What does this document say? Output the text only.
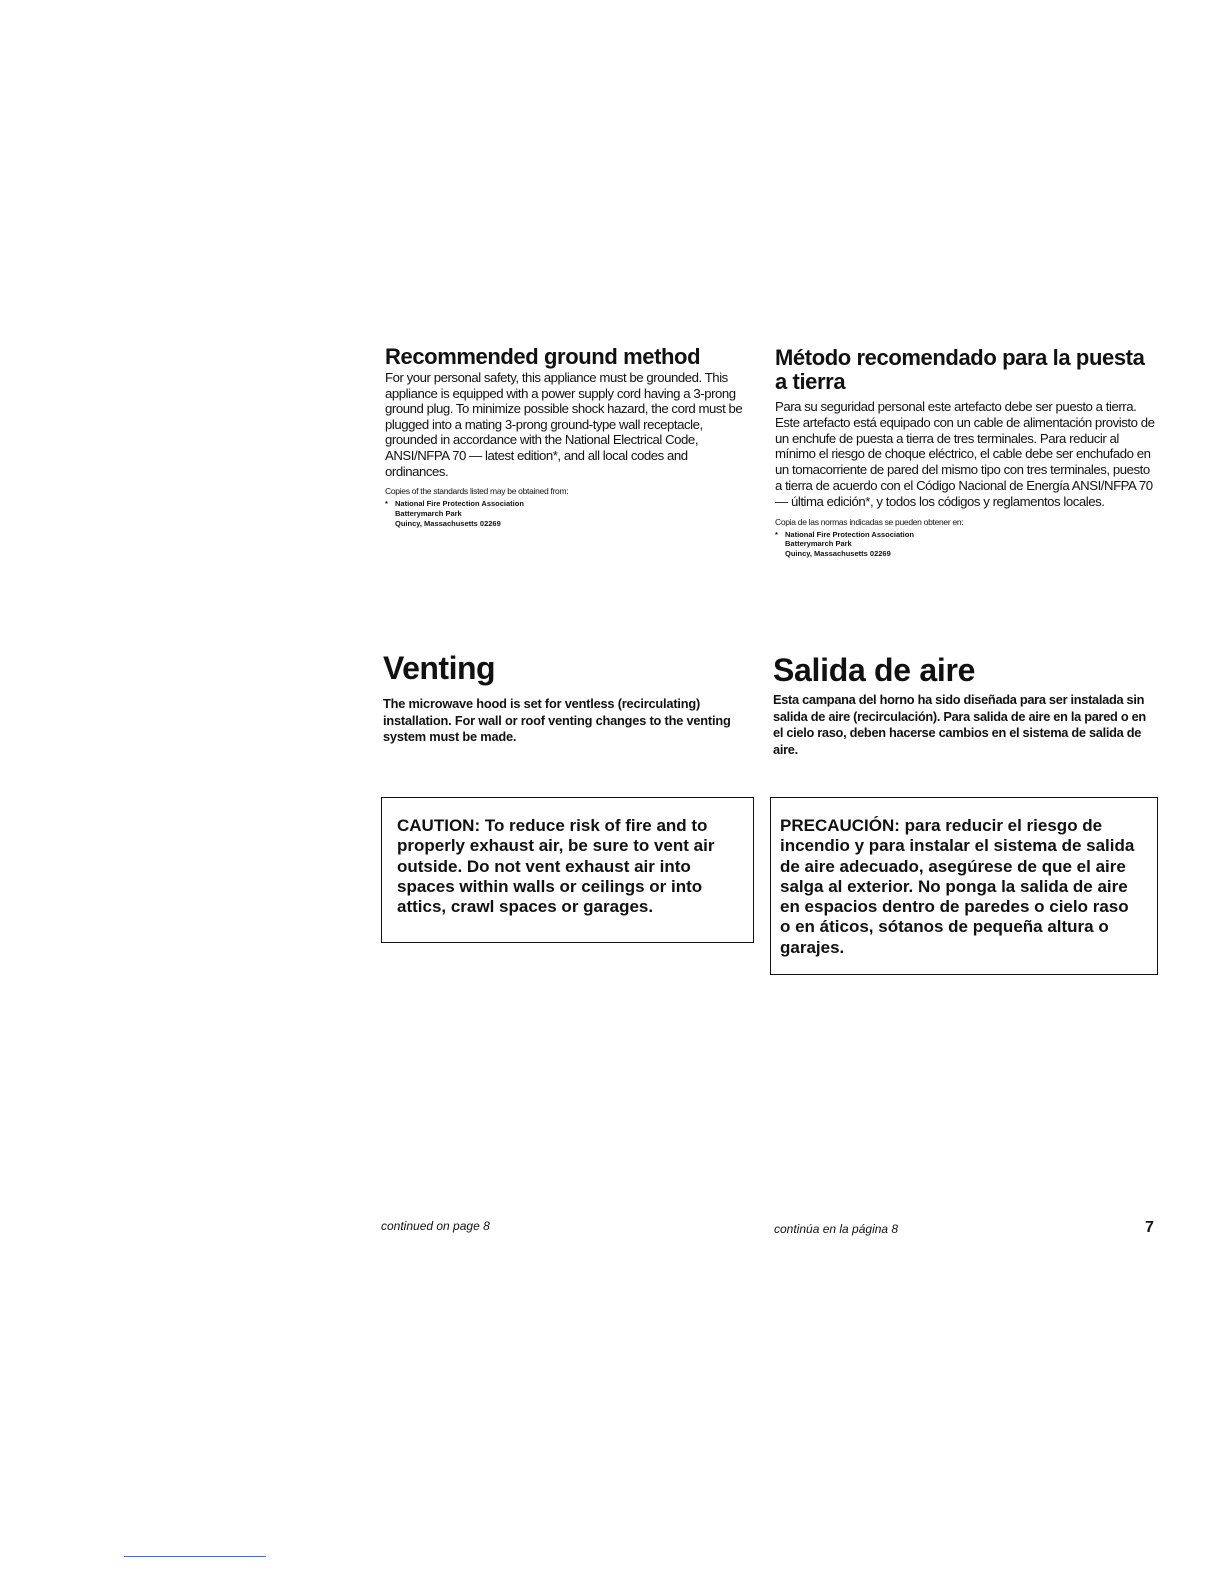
Recommended ground method

For your personal safety, this appliance must be grounded. This appliance is equipped with a power supply cord having a 3-prong ground plug. To minimize possible shock hazard, the cord must be plugged into a mating 3-prong ground-type wall receptacle, grounded in accordance with the National Electrical Code, ANSI/NFPA 70 — latest edition*, and all local codes and ordinances.

Copies of the standards listed may be obtained from:

* National Fire Protection Association
Batterymarch Park
Quincy, Massachusetts 02269
Método recomendado para la puesta a tierra

Para su seguridad personal este artefacto debe ser puesto a tierra. Este artefacto está equipado con un cable de alimentación provisto de un enchufe de puesta a tierra de tres terminales. Para reducir al mínimo el riesgo de choque eléctrico, el cable debe ser enchufado en un tomacorriente de pared del mismo tipo con tres terminales, puesto a tierra de acuerdo con el Código Nacional de Energía ANSI/NFPA 70 — última edición*, y todos los códigos y reglamentos locales.

Copia de las normas indicadas se pueden obtener en:

* National Fire Protection Association
Batterymarch Park
Quincy, Massachusetts 02269
Venting

The microwave hood is set for ventless (recirculating) installation. For wall or roof venting changes to the venting system must be made.

Salida de aire

Esta campana del horno ha sido diseñada para ser instalada sin salida de aire (recirculación). Para salida de aire en la pared o en el cielo raso, deben hacerse cambios en el sistema de salida de aire.

CAUTION: To reduce risk of fire and to properly exhaust air, be sure to vent air outside. Do not vent exhaust air into spaces within walls or ceilings or into attics, crawl spaces or garages.

PRECAUCIÓN: para reducir el riesgo de incendio y para instalar el sistema de salida de aire adecuado, asegúrese de que el aire salga al exterior. No ponga la salida de aire en espacios dentro de paredes o cielo raso o en áticos, sótanos de pequeña altura o garajes.

continued on page 8	continúa en la página 8	7
